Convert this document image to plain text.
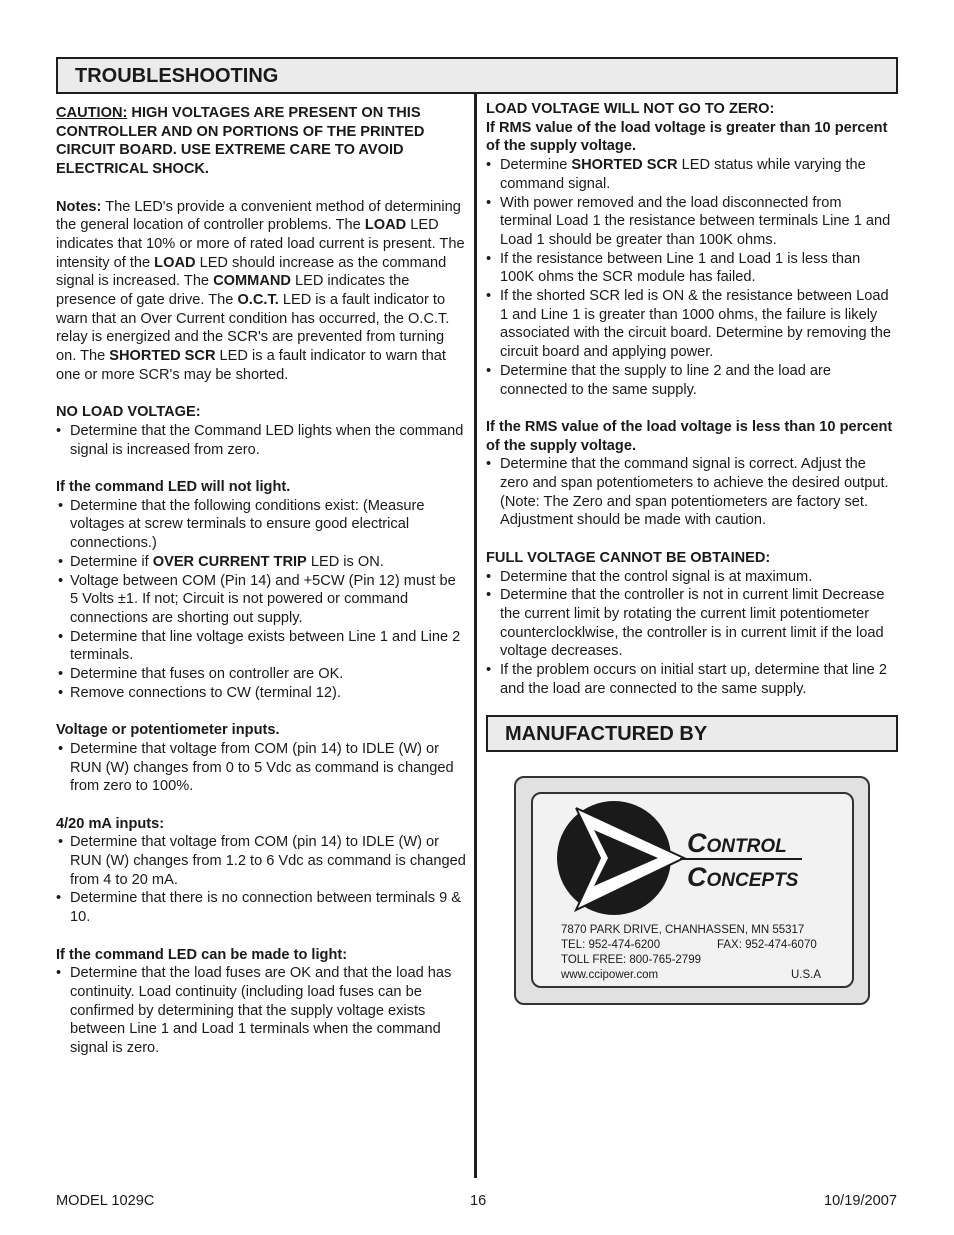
TROUBLESHOOTING

CAUTION: HIGH VOLTAGES ARE PRESENT ON THIS CONTROLLER AND ON PORTIONS OF THE PRINTED CIRCUIT BOARD. USE EXTREME CARE TO AVOID ELECTRICAL SHOCK.

Notes: The LED's provide a convenient method of determining the general location of controller problems. The LOAD LED indicates that 10% or more of rated load current is present. The intensity of the LOAD LED should increase as the command signal is increased. The COMMAND LED indicates the presence of gate drive. The O.C.T. LED is a fault indicator to warn that an Over Current condition has occurred, the O.C.T. relay is energized and the SCR's are prevented from turning on. The SHORTED SCR LED is a fault indicator to warn that one or more SCR's may be shorted.

NO LOAD VOLTAGE:

• Determine that the Command LED lights when the command signal is increased from zero.

If the command LED will not light.

• Determine that the following conditions exist: (Measure voltages at screw terminals to ensure good electrical connections.)
• Determine if OVER CURRENT TRIP LED is ON.
• Voltage between COM (Pin 14) and +5CW (Pin 12) must be 5 Volts ±1. If not; Circuit is not powered or command connections are shorting out supply.
• Determine that line voltage exists between Line 1 and Line 2 terminals.
• Determine that fuses on controller are OK.
• Remove connections to CW (terminal 12).

Voltage or potentiometer inputs.

• Determine that voltage from COM (pin 14) to IDLE (W) or RUN (W) changes from 0 to 5 Vdc as command is changed from zero to 100%.

4/20 mA inputs:

• Determine that voltage from COM (pin 14) to IDLE (W) or RUN (W) changes from 1.2 to 6 Vdc as command is changed from 4 to 20 mA.
• Determine that there is no connection between terminals 9 & 10.

If the command LED can be made to light:

• Determine that the load fuses are OK and that the load has continuity. Load continuity (including load fuses can be confirmed by determining that the supply voltage exists between Line 1 and Load 1 terminals when the command signal is zero.

LOAD VOLTAGE WILL NOT GO TO ZERO:

If RMS value of the load voltage is greater than 10 percent of the supply voltage.

• Determine SHORTED SCR LED status while varying the command signal.
• With power removed and the load disconnected from terminal Load 1 the resistance between terminals Line 1 and Load 1 should be greater than 100K ohms.
• If the resistance between Line 1 and Load 1 is less than 100K ohms the SCR module has failed.
• If the shorted SCR led is ON & the resistance between Load 1 and Line 1 is greater than 1000 ohms, the failure is likely associated with the circuit board. Determine by removing the circuit board and applying power.
• Determine that the supply to line 2 and the load are connected to the same supply.

If the RMS value of the load voltage is less than 10 percent of the supply voltage.

• Determine that the command signal is correct. Adjust the zero and span potentiometers to achieve the desired output. (Note: The Zero and span potentiometers are factory set. Adjustment should be made with caution.

FULL VOLTAGE CANNOT BE OBTAINED:

• Determine that the control signal is at maximum.
• Determine that the controller is not in current limit Decrease the current limit by rotating the current limit potentiometer counterclocklwise, the controller is in current limit if the load voltage decreases.
• If the problem occurs on initial start up, determine that line 2 and the load are connected to the same supply.
MANUFACTURED BY
CONTROL
CONCEPTS
7870 PARK DRIVE, CHANHASSEN, MN 55317
TEL: 952-474-6200	FAX: 952-474-6070
TOLL FREE: 800-765-2799
www.ccipower.com	U.S.A
MODEL 1029C	16	10/19/2007
